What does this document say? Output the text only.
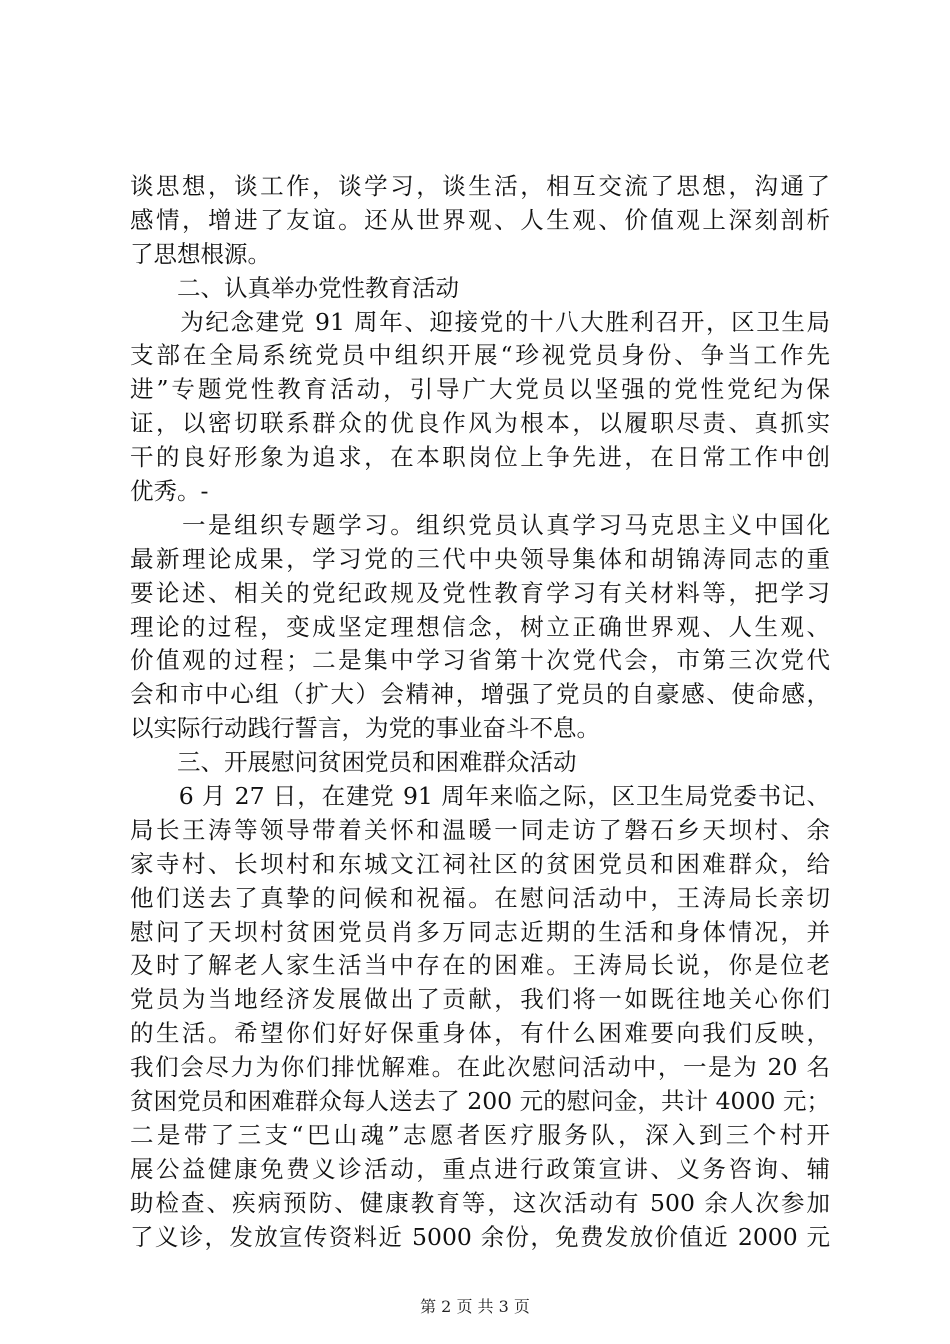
谈思想，谈工作，谈学习，谈生活，相互交流了思想，沟通了
感情，增进了友谊。还从世界观、人生观、价值观上深刻剖析
了思想根源。
　　二、认真举办党性教育活动
　　为纪念建党 91 周年、迎接党的十八大胜利召开，区卫生局
支部在全局系统党员中组织开展“珍视党员身份、争当工作先
进”专题党性教育活动，引导广大党员以坚强的党性党纪为保
证，以密切联系群众的优良作风为根本，以履职尽责、真抓实
干的良好形象为追求，在本职岗位上争先进，在日常工作中创
优秀。-
　　一是组织专题学习。组织党员认真学习马克思主义中国化
最新理论成果，学习党的三代中央领导集体和胡锦涛同志的重
要论述、相关的党纪政规及党性教育学习有关材料等，把学习
理论的过程，变成坚定理想信念，树立正确世界观、人生观、
价值观的过程；二是集中学习省第十次党代会，市第三次党代
会和市中心组（扩大）会精神，增强了党员的自豪感、使命感，
以实际行动践行誓言，为党的事业奋斗不息。
　　三、开展慰问贫困党员和困难群众活动
　　6 月 27 日，在建党 91 周年来临之际，区卫生局党委书记、
局长王涛等领导带着关怀和温暖一同走访了磐石乡天坝村、余
家寺村、长坝村和东城文江祠社区的贫困党员和困难群众，给
他们送去了真挚的问候和祝福。在慰问活动中，王涛局长亲切
慰问了天坝村贫困党员肖多万同志近期的生活和身体情况，并
及时了解老人家生活当中存在的困难。王涛局长说，你是位老
党员为当地经济发展做出了贡献，我们将一如既往地关心你们
的生活。希望你们好好保重身体，有什么困难要向我们反映，
我们会尽力为你们排忧解难。在此次慰问活动中，一是为 20 名
贫困党员和困难群众每人送去了 200 元的慰问金，共计 4000 元；
二是带了三支“巴山魂”志愿者医疗服务队，深入到三个村开
展公益健康免费义诊活动，重点进行政策宣讲、义务咨询、辅
助检查、疾病预防、健康教育等，这次活动有 500 余人次参加
了义诊，发放宣传资料近 5000 余份，免费发放价值近 2000 元
第 2 页 共 3 页
